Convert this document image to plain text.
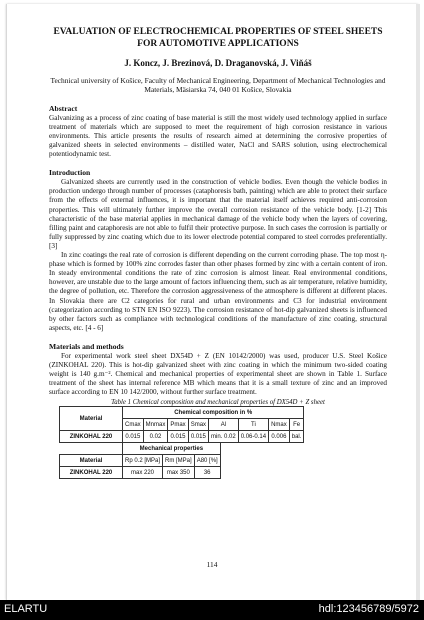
EVALUATION OF ELECTROCHEMICAL PROPERTIES OF STEEL SHEETS FOR AUTOMOTIVE APPLICATIONS

J. Koncz, J. Brezinová, D. Draganovská, J. Viňáš
Technical university of Košice, Faculty of Mechanical Engineering, Department of Mechanical Technologies and Materials, Mäsiarska 74, 040 01 Košice, Slovakia
Abstract

Galvanizing as a process of zinc coating of base material is still the most widely used technology applied in surface treatment of materials which are supposed to meet the requirement of high corrosion resistance in various environments. This article presents the results of research aimed at determining the corrosive properties of galvanized sheets in selected environments – distilled water, NaCl and SARS solution, using electrochemical potentiodynamic test.

Introduction

Galvanized sheets are currently used in the construction of vehicle bodies. Even though the vehicle bodies in production undergo through number of processes (cataphoresis bath, painting) which are able to protect their surface from the effects of external influences, it is important that the material itself achieves required anti-corrosion properties. This will ultimately further improve the overall corrosion resistance of the vehicle body. [1-2] This characteristic of the base material applies in mechanical damage of the vehicle body when the layers of covering, filling paint and cataphoresis are not able to fulfil their protective purpose. In such cases the corrosion is partially or fully suppressed by zinc coating which due to its lower electrode potential compared to steel corrodes preferentially. [3]

In zinc coatings the real rate of corrosion is different depending on the current corroding phase. The top most η-phase which is formed by 100% zinc corrodes faster than other phases formed by zinc with a certain content of iron. In steady environmental conditions the rate of zinc corrosion is almost linear. Real environmental conditions, however, are unstable due to the large amount of factors influencing them, such as air temperature, relative humidity, the degree of pollution, etc. Therefore the corrosion aggressiveness of the atmosphere is different at different places. In Slovakia there are C2 categories for rural and urban environments and C3 for industrial environment (categorization according to STN EN ISO 9223). The corrosion resistance of hot-dip galvanized sheets is influenced by other factors such as compliance with technological conditions of the manufacture of zinc coating, structural aspects, etc. [4 - 6]

Materials and methods

For experimental work steel sheet DX54D + Z (EN 10142/2000) was used, producer U.S. Steel Košice (ZINKOHAL 220). This is hot-dip galvanized sheet with zinc coating in which the minimum two-sided coating weight is 140 g.m⁻². Chemical and mechanical properties of experimental sheet are shown in Table 1. Surface treatment of the sheet has internal reference MB which means that it is a small texture of zinc and an improved surface according to EN 10 142/2000, without further surface treatment.

Table 1 Chemical composition and mechanical properties of DX54D + Z sheet
Material	Chemical composition in %							
	Cmax	Mnmax	Pmax	Smax	Al	Ti	Nmax	Fe
ZINKOHAL 220	0.015	0.02	0.015	0.015	min. 0.02	0.06-0.14	0.006	bal.
	Mechanical properties		
Material	Rp 0.2 [MPa]	Rm [MPa]	A80 [%]
ZINKOHAL 220	max 220	max 350	36
114
ELARTU	hdl:123456789/5972
